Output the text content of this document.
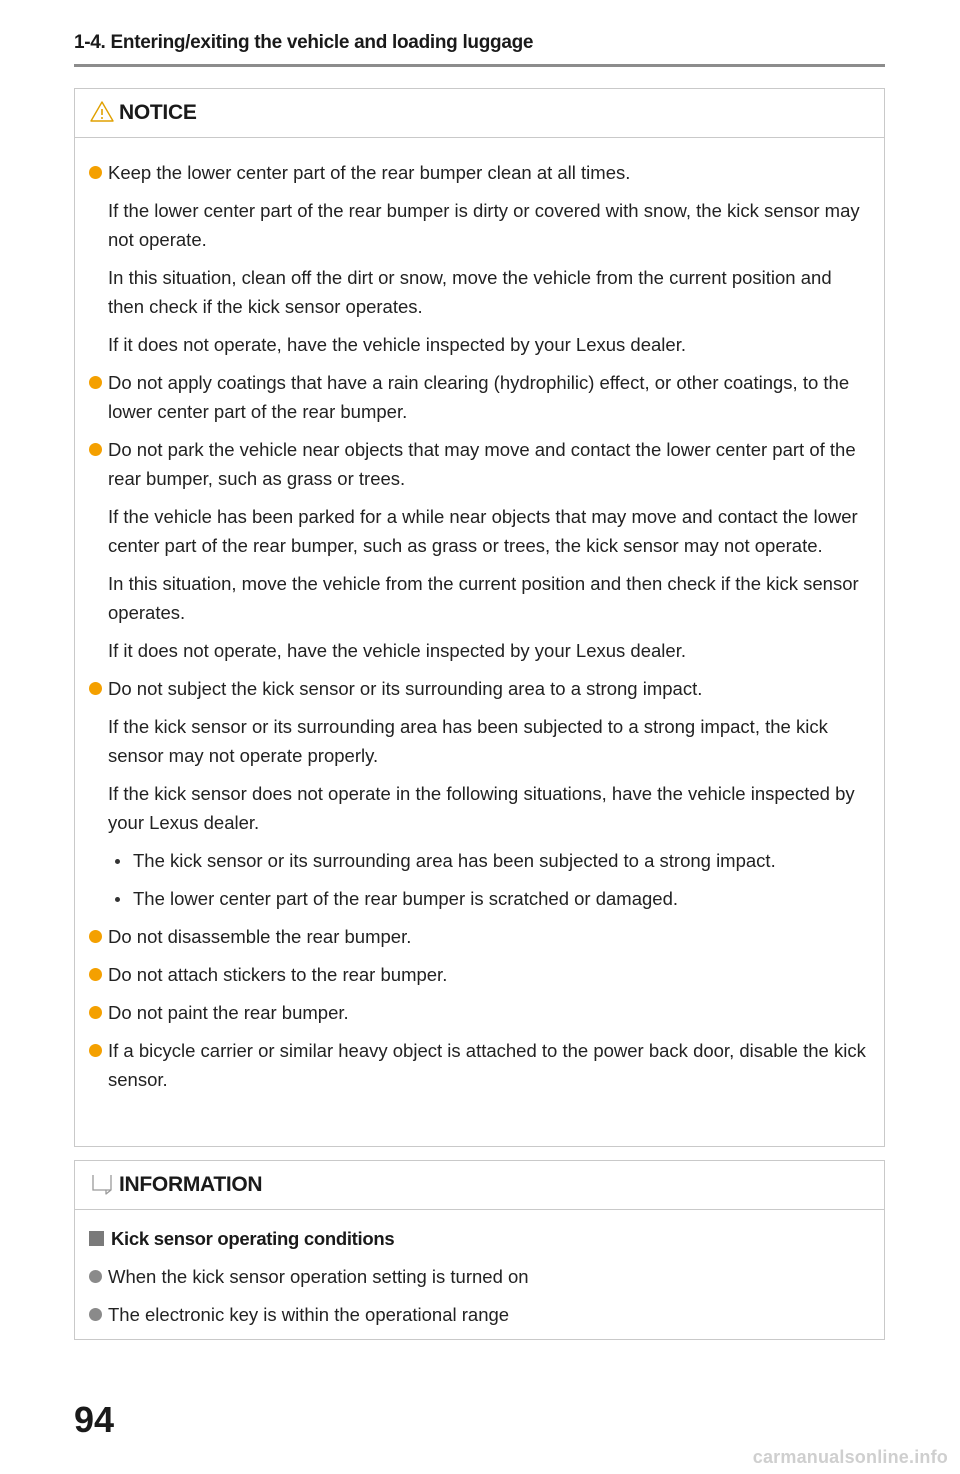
1-4. Entering/exiting the vehicle and loading luggage
NOTICE
Keep the lower center part of the rear bumper clean at all times.
If the lower center part of the rear bumper is dirty or covered with snow, the kick sensor may not operate.
In this situation, clean off the dirt or snow, move the vehicle from the current position and then check if the kick sensor operates.
If it does not operate, have the vehicle inspected by your Lexus dealer.
Do not apply coatings that have a rain clearing (hydrophilic) effect, or other coatings, to the lower center part of the rear bumper.
Do not park the vehicle near objects that may move and contact the lower center part of the rear bumper, such as grass or trees.
If the vehicle has been parked for a while near objects that may move and contact the lower center part of the rear bumper, such as grass or trees, the kick sensor may not operate.
In this situation, move the vehicle from the current position and then check if the kick sensor operates.
If it does not operate, have the vehicle inspected by your Lexus dealer.
Do not subject the kick sensor or its surrounding area to a strong impact.
If the kick sensor or its surrounding area has been subjected to a strong impact, the kick sensor may not operate properly.
If the kick sensor does not operate in the following situations, have the vehicle inspected by your Lexus dealer.
The kick sensor or its surrounding area has been subjected to a strong impact.
The lower center part of the rear bumper is scratched or damaged.
Do not disassemble the rear bumper.
Do not attach stickers to the rear bumper.
Do not paint the rear bumper.
If a bicycle carrier or similar heavy object is attached to the power back door, disable the kick sensor.
INFORMATION
Kick sensor operating conditions
When the kick sensor operation setting is turned on
The electronic key is within the operational range
94
carmanualsonline.info
